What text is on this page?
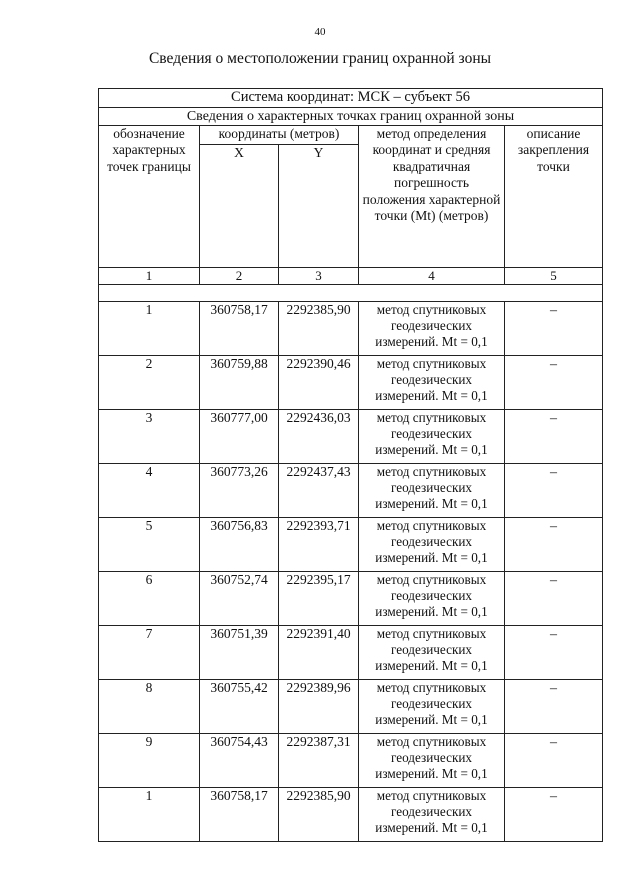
40
Сведения о местоположении границ охранной зоны
Система координат: МСК – субъект 56				
Сведения о характерных точках границ охранной зоны				
обозначение характерных точек границы	координаты (метров)		метод определения координат и средняя квадратичная погрешность положения характерной точки (Mt) (метров)	описание закрепления точки
	X	Y		
1	2	3	4	5

1	360758,17	2292385,90	метод спутниковых
геодезических
измерений. Mt = 0,1	–
2	360759,88	2292390,46	метод спутниковых
геодезических
измерений. Mt = 0,1	–
3	360777,00	2292436,03	метод спутниковых
геодезических
измерений. Mt = 0,1	–
4	360773,26	2292437,43	метод спутниковых
геодезических
измерений. Mt = 0,1	–
5	360756,83	2292393,71	метод спутниковых
геодезических
измерений. Mt = 0,1	–
6	360752,74	2292395,17	метод спутниковых
геодезических
измерений. Mt = 0,1	–
7	360751,39	2292391,40	метод спутниковых
геодезических
измерений. Mt = 0,1	–
8	360755,42	2292389,96	метод спутниковых
геодезических
измерений. Mt = 0,1	–
9	360754,43	2292387,31	метод спутниковых
геодезических
измерений. Mt = 0,1	–
1	360758,17	2292385,90	метод спутниковых
геодезических
измерений. Mt = 0,1	–
